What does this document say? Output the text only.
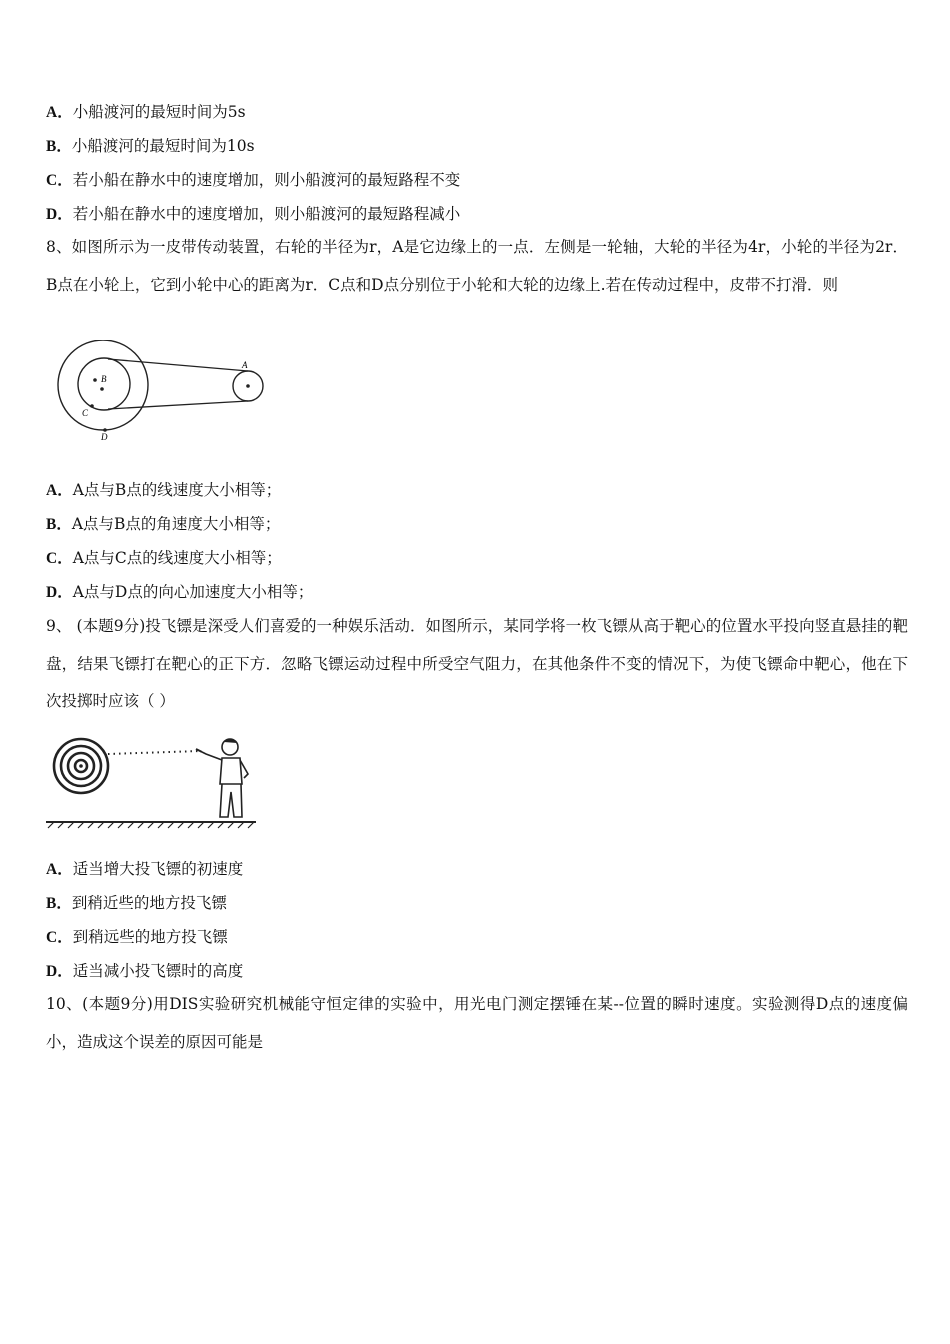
A．小船渡河的最短时间为5s
B．小船渡河的最短时间为10s
C．若小船在静水中的速度增加，则小船渡河的最短路程不变
D．若小船在静水中的速度增加，则小船渡河的最短路程减小
8、如图所示为一皮带传动装置，右轮的半径为r，A是它边缘上的一点．左侧是一轮轴，大轮的半径为4r，小轮的半径为2r．B点在小轮上，它到小轮中心的距离为r．C点和D点分别位于小轮和大轮的边缘上.若在传动过程中，皮带不打滑．则
B
C
D
A
A．A点与B点的线速度大小相等；
B．A点与B点的角速度大小相等；
C．A点与C点的线速度大小相等；
D．A点与D点的向心加速度大小相等；
9、 (本题9分)投飞镖是深受人们喜爱的一种娱乐活动．如图所示，某同学将一枚飞镖从高于靶心的位置水平投向竖直悬挂的靶盘，结果飞镖打在靶心的正下方．忽略飞镖运动过程中所受空气阻力，在其他条件不变的情况下，为使飞镖命中靶心，他在下次投掷时应该（ ）
A．适当增大投飞镖的初速度
B．到稍近些的地方投飞镖
C．到稍远些的地方投飞镖
D．适当减小投飞镖时的高度
10、(本题9分)用DIS实验研究机械能守恒定律的实验中，用光电门测定摆锤在某--位置的瞬时速度。实验测得D点的速度偏小，造成这个误差的原因可能是
